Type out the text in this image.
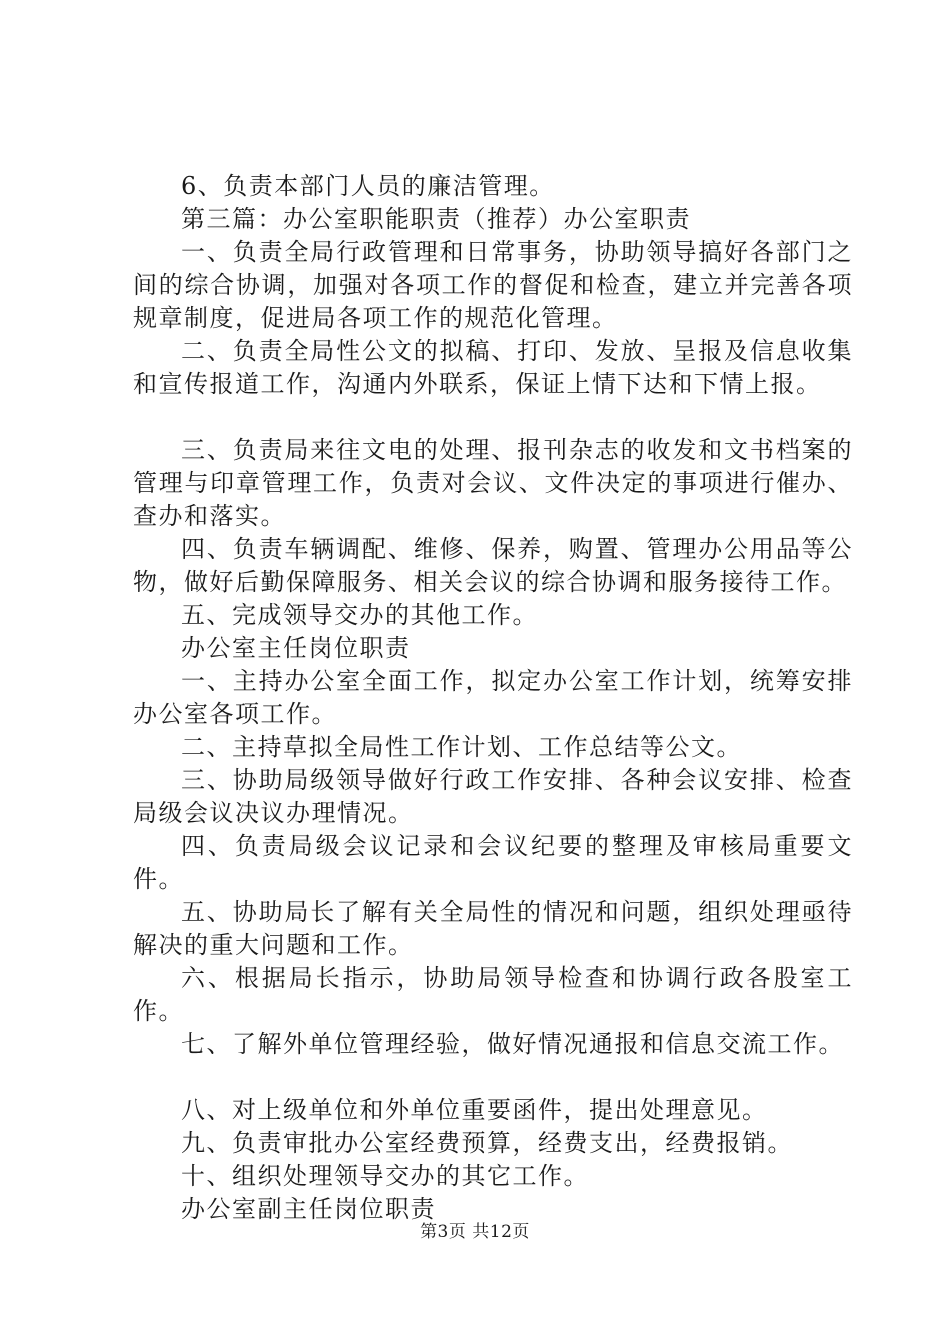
6、负责本部门人员的廉洁管理。

第三篇：办公室职能职责（推荐）办公室职责

一、负责全局行政管理和日常事务，协助领导搞好各部门之间的综合协调，加强对各项工作的督促和检查，建立并完善各项规章制度，促进局各项工作的规范化管理。

二、负责全局性公文的拟稿、打印、发放、呈报及信息收集和宣传报道工作，沟通内外联系，保证上情下达和下情上报。

三、负责局来往文电的处理、报刊杂志的收发和文书档案的管理与印章管理工作，负责对会议、文件决定的事项进行催办、查办和落实。

四、负责车辆调配、维修、保养，购置、管理办公用品等公物，做好后勤保障服务、相关会议的综合协调和服务接待工作。

五、完成领导交办的其他工作。

办公室主任岗位职责

一、主持办公室全面工作，拟定办公室工作计划，统筹安排办公室各项工作。

二、主持草拟全局性工作计划、工作总结等公文。

三、协助局级领导做好行政工作安排、各种会议安排、检查局级会议决议办理情况。

四、负责局级会议记录和会议纪要的整理及审核局重要文件。

五、协助局长了解有关全局性的情况和问题，组织处理亟待解决的重大问题和工作。

六、根据局长指示，协助局领导检查和协调行政各股室工作。

七、了解外单位管理经验，做好情况通报和信息交流工作。

八、对上级单位和外单位重要函件，提出处理意见。

九、负责审批办公室经费预算，经费支出，经费报销。

十、组织处理领导交办的其它工作。

办公室副主任岗位职责

第3页 共12页
